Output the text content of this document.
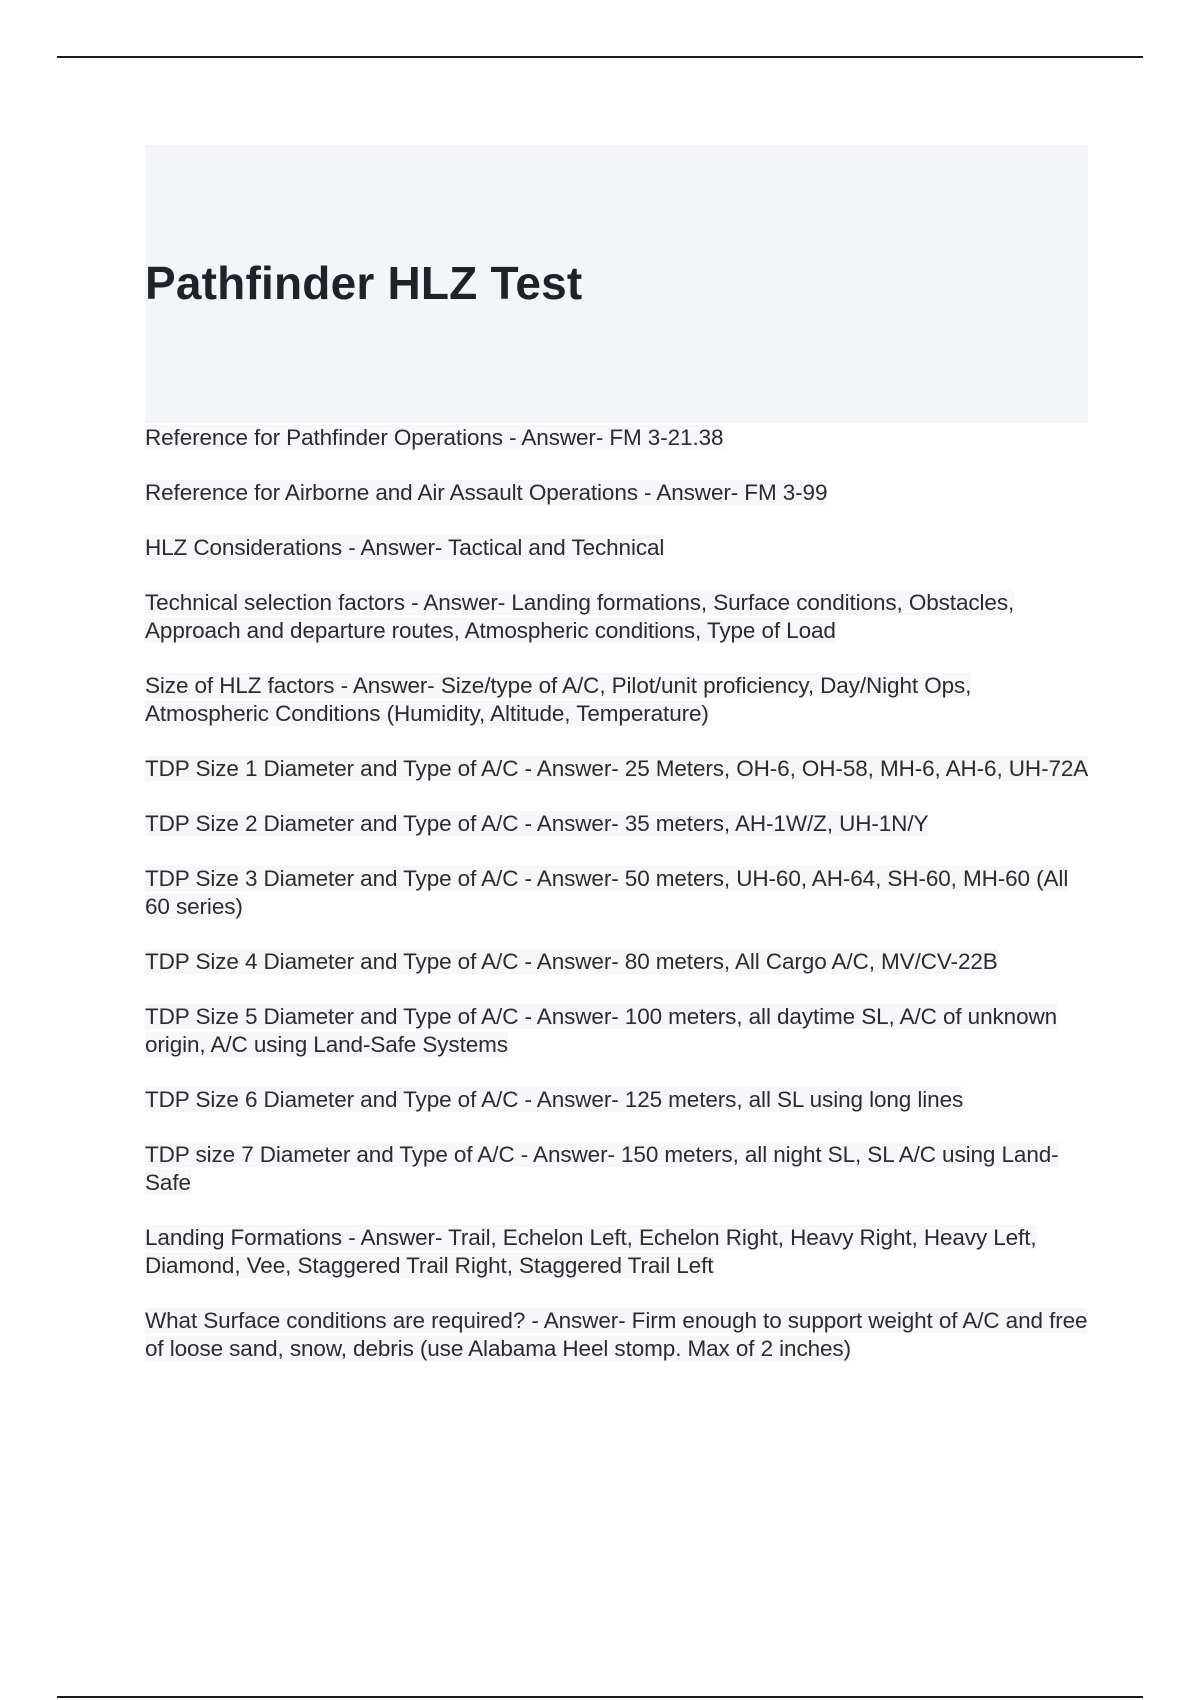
Pathfinder HLZ Test
Reference for Pathfinder Operations - Answer- FM 3-21.38
Reference for Airborne and Air Assault Operations - Answer- FM 3-99
HLZ Considerations - Answer- Tactical and Technical
Technical selection factors - Answer- Landing formations, Surface conditions, Obstacles, Approach and departure routes, Atmospheric conditions, Type of Load
Size of HLZ factors - Answer- Size/type of A/C, Pilot/unit proficiency, Day/Night Ops, Atmospheric Conditions (Humidity, Altitude, Temperature)
TDP Size 1 Diameter and Type of A/C - Answer- 25 Meters, OH-6, OH-58, MH-6, AH-6, UH-72A
TDP Size 2 Diameter and Type of A/C - Answer- 35 meters, AH-1W/Z, UH-1N/Y
TDP Size 3 Diameter and Type of A/C - Answer- 50 meters, UH-60, AH-64, SH-60, MH-60 (All 60 series)
TDP Size 4 Diameter and Type of A/C - Answer- 80 meters, All Cargo A/C, MV/CV-22B
TDP Size 5 Diameter and Type of A/C - Answer- 100 meters, all daytime SL, A/C of unknown origin, A/C using Land-Safe Systems
TDP Size 6 Diameter and Type of A/C - Answer- 125 meters, all SL using long lines
TDP size 7 Diameter and Type of A/C - Answer- 150 meters, all night SL, SL A/C using Land-Safe
Landing Formations - Answer- Trail, Echelon Left, Echelon Right, Heavy Right, Heavy Left, Diamond, Vee, Staggered Trail Right, Staggered Trail Left
What Surface conditions are required? - Answer- Firm enough to support weight of A/C and free of loose sand, snow, debris (use Alabama Heel stomp. Max of 2 inches)
